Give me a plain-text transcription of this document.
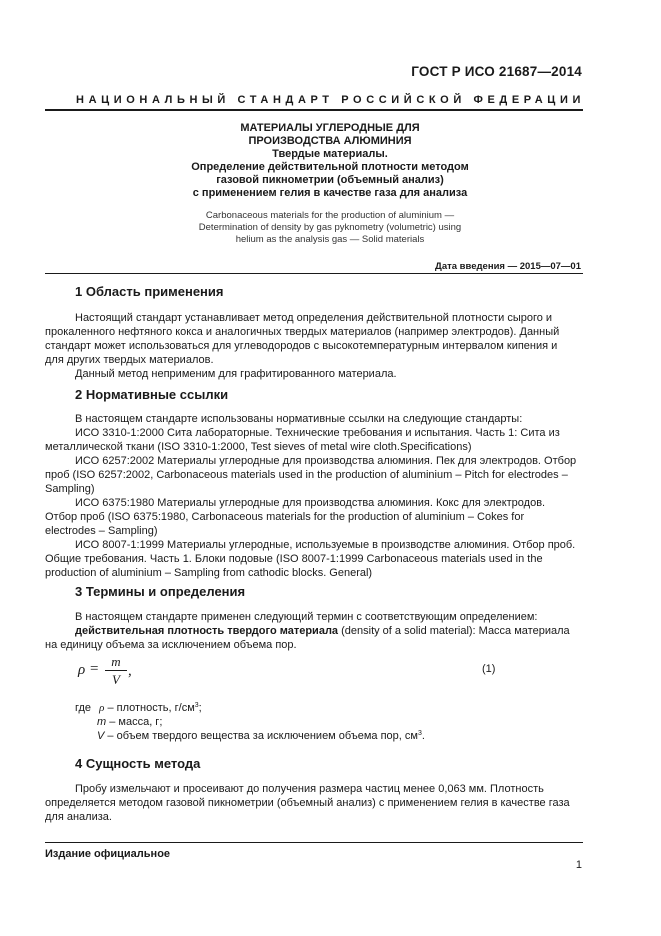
ГОСТ Р ИСО 21687—2014
НАЦИОНАЛЬНЫЙ СТАНДАРТ РОССИЙСКОЙ ФЕДЕРАЦИИ
МАТЕРИАЛЫ УГЛЕРОДНЫЕ ДЛЯ
ПРОИЗВОДСТВА АЛЮМИНИЯ
Твердые материалы.
Определение действительной плотности методом
газовой пикнометрии (объемный анализ)
с применением гелия в качестве газа для анализа
Carbonaceous materials for the production of aluminium —
Determination of density by gas pyknometry (volumetric) using
helium as the analysis gas — Solid materials
Дата введения — 2015—07—01
1 Область применения
Настоящий стандарт устанавливает метод определения действительной плотности сырого и
прокаленного нефтяного кокса и аналогичных твердых материалов (например электродов). Данный
стандарт может использоваться для углеводородов с высокотемпературным интервалом кипения и
для других твердых материалов.
Данный метод неприменим для графитированного материала.
2 Нормативные ссылки
В настоящем стандарте использованы нормативные ссылки на следующие стандарты:
ИСО 3310-1:2000 Сита лабораторные. Технические требования и испытания. Часть 1: Сита из
металлической ткани (ISO 3310-1:2000, Test sieves of metal wire cloth.Specifications)
ИСО 6257:2002 Материалы углеродные для производства алюминия. Пек для электродов. Отбор
проб (ISO 6257:2002, Carbonaceous materials used in the production of aluminium – Pitch for electrodes –
Sampling)
ИСО 6375:1980 Материалы углеродные для производства алюминия. Кокс для электродов.
Отбор проб (ISO 6375:1980, Carbonaceous materials for the production of aluminium – Cokes for
electrodes – Sampling)
ИСО 8007-1:1999 Материалы углеродные, используемые в производстве алюминия. Отбор проб.
Общие требования. Часть 1. Блоки подовые (ISO 8007-1:1999 Carbonaceous materials used in the
production of aluminium – Sampling from cathodic blocks. General)
3 Термины и определения
В настоящем стандарте применен следующий термин с соответствующим определением:
действительная плотность твердого материала (density of a solid material): Масса материала
на единицу объема за исключением объема пор.
ρ = m
V
,	(1)
где ρ – плотность, $г/см^3$;
m – масса, г;
V – объем твердого вещества за исключением объема пор, $см^3$.
4 Сущность метода
Пробу измельчают и просеивают до получения размера частиц менее 0,063 мм. Плотность
определяется методом газовой пикнометрии (объемный анализ) с применением гелия в качестве газа
для анализа.
Издание официальное
1
